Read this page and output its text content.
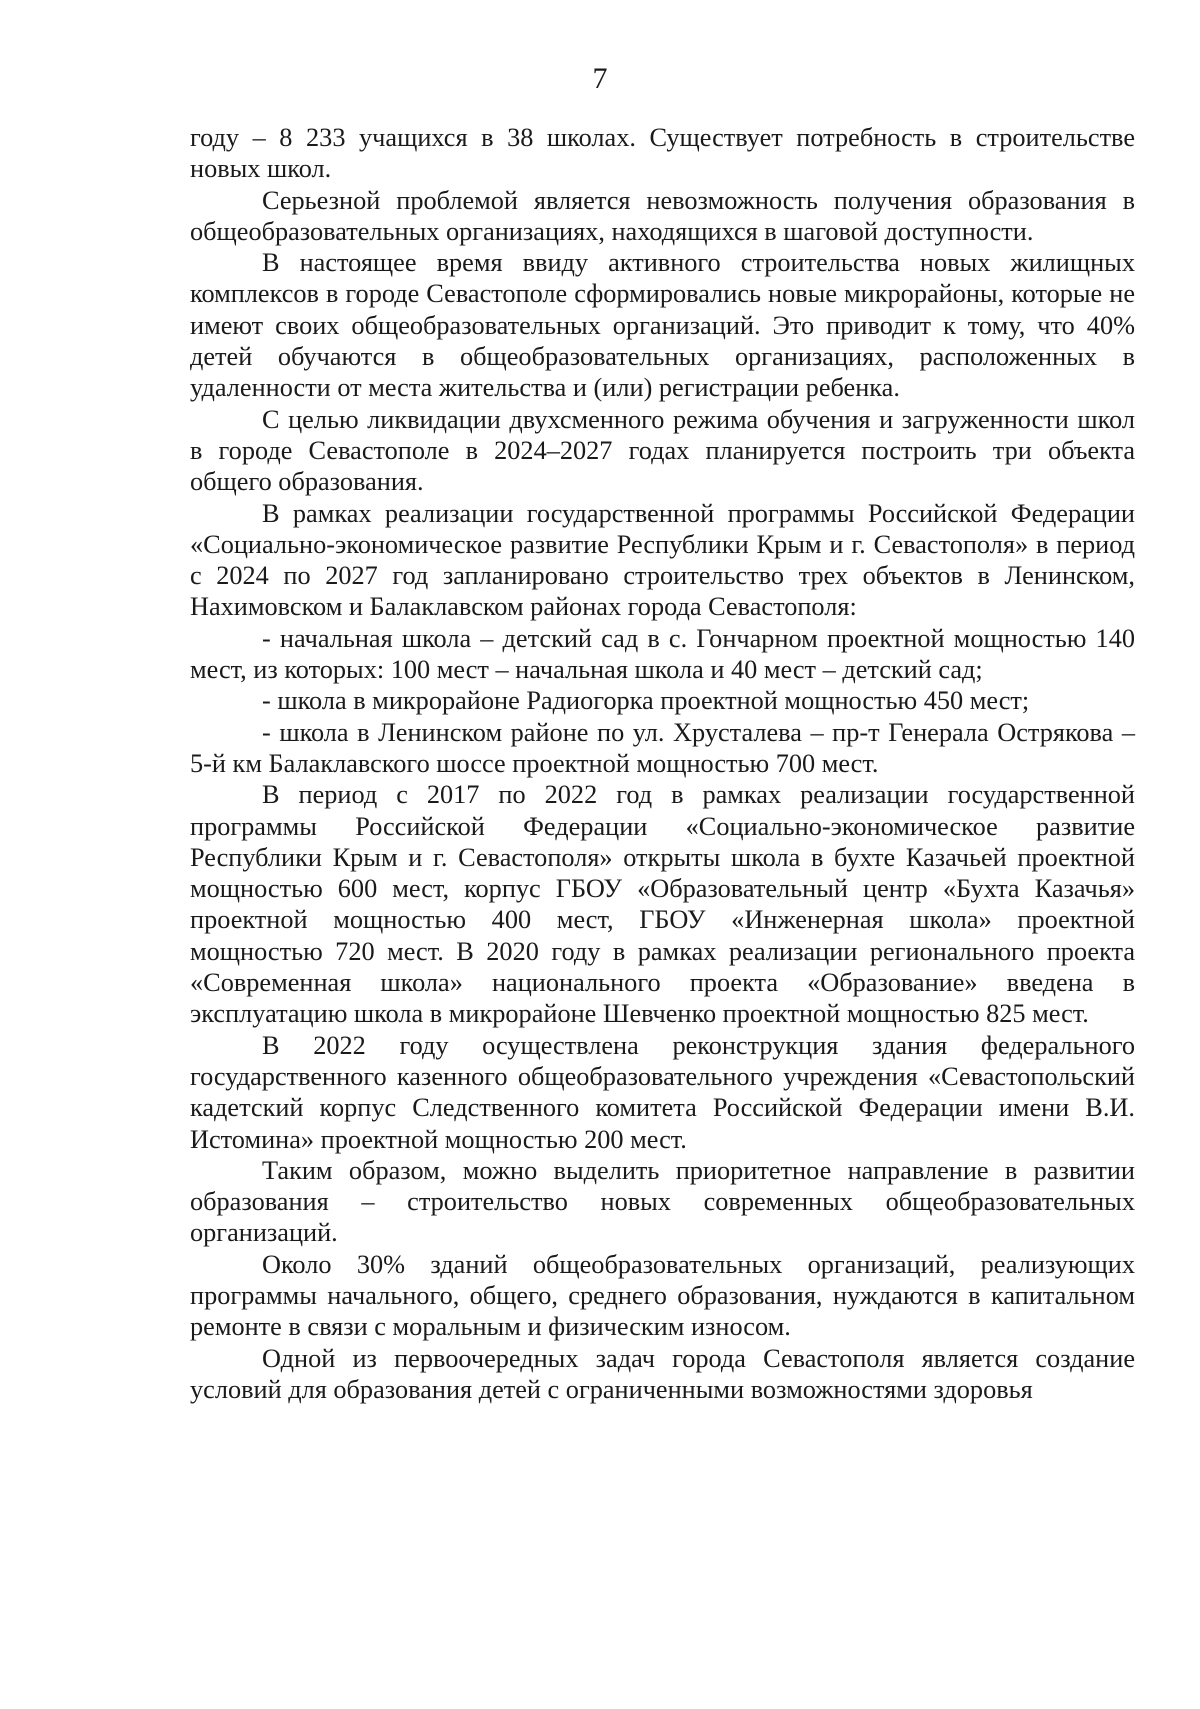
7

году – 8 233 учащихся в 38 школах. Существует потребность в строительстве новых школ.

Серьезной проблемой является невозможность получения образования в общеобразовательных организациях, находящихся в шаговой доступности.

В настоящее время ввиду активного строительства новых жилищных комплексов в городе Севастополе сформировались новые микрорайоны, которые не имеют своих общеобразовательных организаций. Это приводит к тому, что 40% детей обучаются в общеобразовательных организациях, расположенных в удаленности от места жительства и (или) регистрации ребенка.

С целью ликвидации двухсменного режима обучения и загруженности школ в городе Севастополе в 2024–2027 годах планируется построить три объекта общего образования.

В рамках реализации государственной программы Российской Федерации «Социально-экономическое развитие Республики Крым и г. Севастополя» в период с 2024 по 2027 год запланировано строительство трех объектов в Ленинском, Нахимовском и Балаклавском районах города Севастополя:

- начальная школа – детский сад в с. Гончарном проектной мощностью 140 мест, из которых: 100 мест – начальная школа и 40 мест – детский сад;

- школа в микрорайоне Радиогорка проектной мощностью 450 мест;

- школа в Ленинском районе по ул. Хрусталева – пр-т Генерала Острякова – 5-й км Балаклавского шоссе проектной мощностью 700 мест.

В период с 2017 по 2022 год в рамках реализации государственной программы Российской Федерации «Социально-экономическое развитие Республики Крым и г. Севастополя» открыты школа в бухте Казачьей проектной мощностью 600 мест, корпус ГБОУ «Образовательный центр «Бухта Казачья» проектной мощностью 400 мест, ГБОУ «Инженерная школа» проектной мощностью 720 мест. В 2020 году в рамках реализации регионального проекта «Современная школа» национального проекта «Образование» введена в эксплуатацию школа в микрорайоне Шевченко проектной мощностью 825 мест.

В 2022 году осуществлена реконструкция здания федерального государственного казенного общеобразовательного учреждения «Севастопольский кадетский корпус Следственного комитета Российской Федерации имени В.И. Истомина» проектной мощностью 200 мест.

Таким образом, можно выделить приоритетное направление в развитии образования – строительство новых современных общеобразовательных организаций.

Около 30% зданий общеобразовательных организаций, реализующих программы начального, общего, среднего образования, нуждаются в капитальном ремонте в связи с моральным и физическим износом.

Одной из первоочередных задач города Севастополя является создание условий для образования детей с ограниченными возможностями здоровья
